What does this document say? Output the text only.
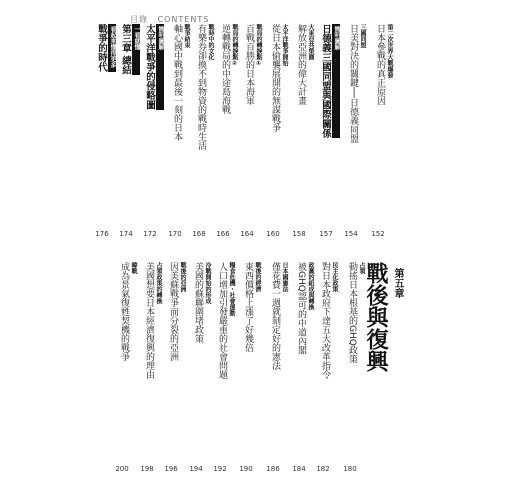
目錄 CONTENTS
第二次世界大戰爆發
日本參戰的真正原因
152
三國同盟
日美對決的關鍵──日德義同盟
154
簡明圖解
日德義三國同盟與國際關係
157
大東亞共榮圈
解放亞洲的偉大計畫
158
太平洋戰爭開始
從日本偷襲展開的無謀戰爭
160
戰局的轉捩點①
百戰百勝的日本海軍
164
戰局的轉捩點②
逆轉戰局的中途島海戰
166
戰時中的文化
有樂券卻換不到物資的戰時生活
168
戰爭結束
軸心國中戰到最後一刻的日本
170
簡明圖解
太平洋戰爭的侵略圖
172
一看就懂
第三章 總結
174
看起來懂得更多
戰爭的時代
176
第五章
戰後與復興
占領
動搖日本根基的GHQ政策
180
民主化政策
對日本政府下達五大改革指令
182
政黨的組成與轉換
被GHQ認可的中道內閣
184
日本國憲法
僅花費一週就制定好的憲法
186
戰後的經濟
東西價格上漲了好幾倍
190
糧食危機・社會運動
人口增加引發嚴重的社會問題
192
冷戰開始的形成
美國的蘇聯圍堵政策
194
戰後的亞洲
因美蘇戰爭而分裂的亞洲
196
占領政策的轉換
美國想要日本經濟復興的理由
198
韓戰
成為景氣復甦契機的戰爭
200
